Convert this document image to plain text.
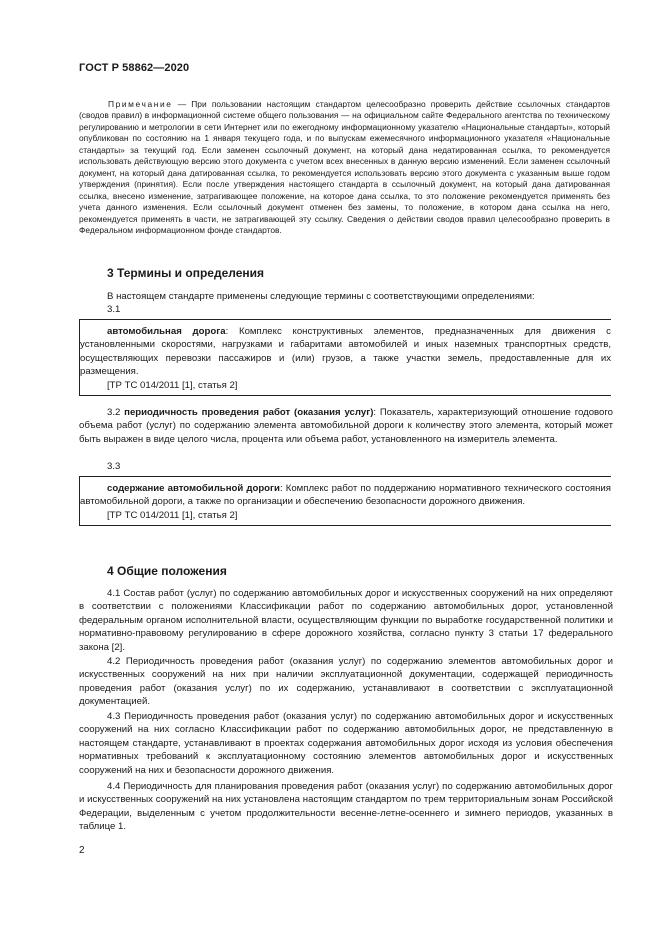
ГОСТ Р 58862—2020
Примечание — При пользовании настоящим стандартом целесообразно проверить действие ссылочных стандартов (сводов правил) в информационной системе общего пользования — на официальном сайте Федерального агентства по техническому регулированию и метрологии в сети Интернет или по ежегодному информационному указателю «Национальные стандарты», который опубликован по состоянию на 1 января текущего года, и по выпускам ежемесячного информационного указателя «Национальные стандарты» за текущий год. Если заменен ссылочный документ, на который дана недатированная ссылка, то рекомендуется использовать действующую версию этого документа с учетом всех внесенных в данную версию изменений. Если заменен ссылочный документ, на который дана датированная ссылка, то рекомендуется использовать версию этого документа с указанным выше годом утверждения (принятия). Если после утверждения настоящего стандарта в ссылочный документ, на который дана датированная ссылка, внесено изменение, затрагивающее положение, на которое дана ссылка, то это положение рекомендуется применять без учета данного изменения. Если ссылочный документ отменен без замены, то положение, в котором дана ссылка на него, рекомендуется применять в части, не затрагивающей эту ссылку. Сведения о действии сводов правил целесообразно проверить в Федеральном информационном фонде стандартов.
3 Термины и определения
В настоящем стандарте применены следующие термины с соответствующими определениями:
3.1
автомобильная дорога: Комплекс конструктивных элементов, предназначенных для движения с установленными скоростями, нагрузками и габаритами автомобилей и иных наземных транспортных средств, осуществляющих перевозки пассажиров и (или) грузов, а также участки земель, предоставленные для их размещения.
[ТР ТС 014/2011 [1], статья 2]
3.2 периодичность проведения работ (оказания услуг): Показатель, характеризующий отношение годового объема работ (услуг) по содержанию элемента автомобильной дороги к количеству этого элемента, который может быть выражен в виде целого числа, процента или объема работ, установленного на измеритель элемента.
3.3
содержание автомобильной дороги: Комплекс работ по поддержанию нормативного технического состояния автомобильной дороги, а также по организации и обеспечению безопасности дорожного движения.
[ТР ТС 014/2011 [1], статья 2]
4 Общие положения
4.1 Состав работ (услуг) по содержанию автомобильных дорог и искусственных сооружений на них определяют в соответствии с положениями Классификации работ по содержанию автомобильных дорог, установленной федеральным органом исполнительной власти, осуществляющим функции по выработке государственной политики и нормативно-правовому регулированию в сфере дорожного хозяйства, согласно пункту 3 статьи 17 федерального закона [2].
4.2 Периодичность проведения работ (оказания услуг) по содержанию элементов автомобильных дорог и искусственных сооружений на них при наличии эксплуатационной документации, содержащей периодичность проведения работ (оказания услуг) по их содержанию, устанавливают в соответствии с эксплуатационной документацией.
4.3 Периодичность проведения работ (оказания услуг) по содержанию автомобильных дорог и искусственных сооружений на них согласно Классификации работ по содержанию автомобильных дорог, не представленную в настоящем стандарте, устанавливают в проектах содержания автомобильных дорог исходя из условия обеспечения нормативных требований к эксплуатационному состоянию элементов автомобильных дорог и искусственных сооружений на них и безопасности дорожного движения.
4.4 Периодичность для планирования проведения работ (оказания услуг) по содержанию автомобильных дорог и искусственных сооружений на них установлена настоящим стандартом по трем территориальным зонам Российской Федерации, выделенным с учетом продолжительности весенне-летне-осеннего и зимнего периодов, указанных в таблице 1.
2
